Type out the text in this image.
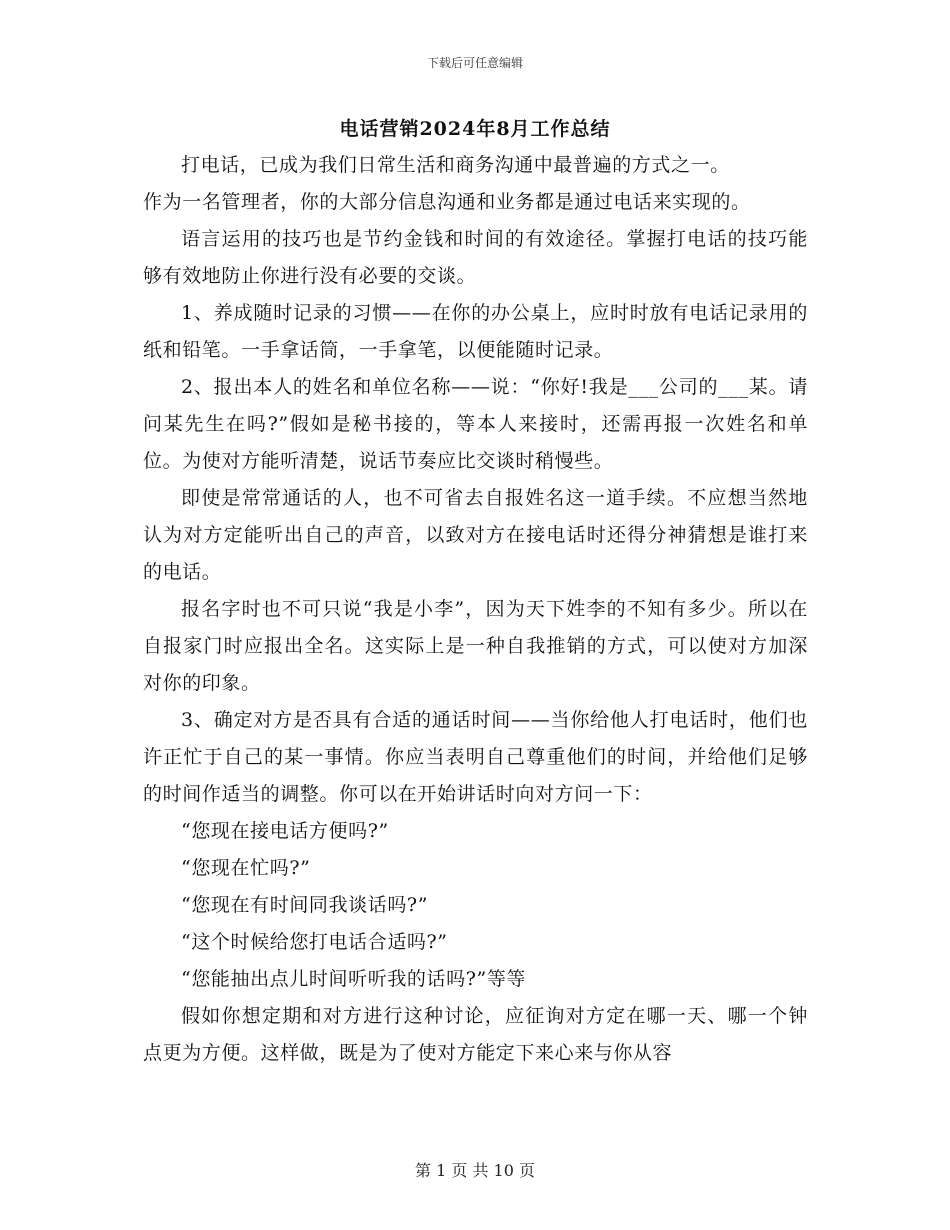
下载后可任意编辑
电话营销2024年8月工作总结

打电话，已成为我们日常生活和商务沟通中最普遍的方式之一。

作为一名管理者，你的大部分信息沟通和业务都是通过电话来实现的。

语言运用的技巧也是节约金钱和时间的有效途径。掌握打电话的技巧能够有效地防止你进行没有必要的交谈。

1、养成随时记录的习惯——在你的办公桌上，应时时放有电话记录用的纸和铅笔。一手拿话筒，一手拿笔，以便能随时记录。

2、报出本人的姓名和单位名称——说：“你好!我是___公司的___某。请问某先生在吗?”假如是秘书接的，等本人来接时，还需再报一次姓名和单位。为使对方能听清楚，说话节奏应比交谈时稍慢些。

即使是常常通话的人，也不可省去自报姓名这一道手续。不应想当然地认为对方定能听出自己的声音，以致对方在接电话时还得分神猜想是谁打来的电话。

报名字时也不可只说“我是小李”，因为天下姓李的不知有多少。所以在自报家门时应报出全名。这实际上是一种自我推销的方式，可以使对方加深对你的印象。

3、确定对方是否具有合适的通话时间——当你给他人打电话时，他们也许正忙于自己的某一事情。你应当表明自己尊重他们的时间，并给他们足够的时间作适当的调整。你可以在开始讲话时向对方问一下：

“您现在接电话方便吗?”

“您现在忙吗?”

“您现在有时间同我谈话吗?”

“这个时候给您打电话合适吗?”

“您能抽出点儿时间听听我的话吗?”等等

假如你想定期和对方进行这种讨论，应征询对方定在哪一天、哪一个钟点更为方便。这样做，既是为了使对方能定下来心来与你从容

第 1 页 共 10 页
